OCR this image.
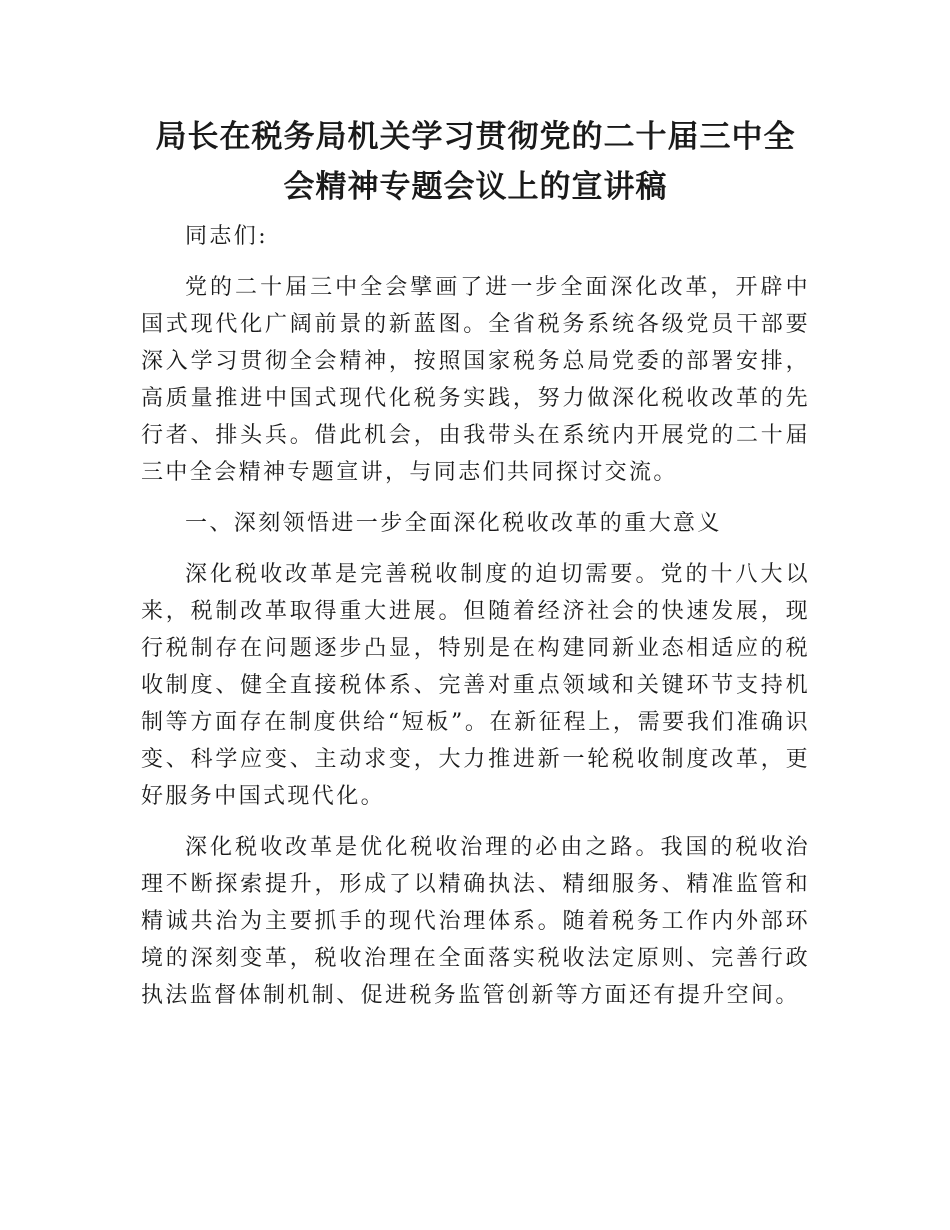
局长在税务局机关学习贯彻党的二十届三中全
会精神专题会议上的宣讲稿

同志们:

党的二十届三中全会擘画了进一步全面深化改革，开辟中国式现代化广阔前景的新蓝图。全省税务系统各级党员干部要深入学习贯彻全会精神，按照国家税务总局党委的部署安排，高质量推进中国式现代化税务实践，努力做深化税收改革的先行者、排头兵。借此机会，由我带头在系统内开展党的二十届三中全会精神专题宣讲，与同志们共同探讨交流。

一、深刻领悟进一步全面深化税收改革的重大意义

深化税收改革是完善税收制度的迫切需要。党的十八大以来，税制改革取得重大进展。但随着经济社会的快速发展，现行税制存在问题逐步凸显，特别是在构建同新业态相适应的税收制度、健全直接税体系、完善对重点领域和关键环节支持机制等方面存在制度供给“短板”。在新征程上，需要我们准确识变、科学应变、主动求变，大力推进新一轮税收制度改革，更好服务中国式现代化。

深化税收改革是优化税收治理的必由之路。我国的税收治理不断探索提升，形成了以精确执法、精细服务、精准监管和精诚共治为主要抓手的现代治理体系。随着税务工作内外部环境的深刻变革，税收治理在全面落实税收法定原则、完善行政执法监督体制机制、促进税务监管创新等方面还有提升空间。
